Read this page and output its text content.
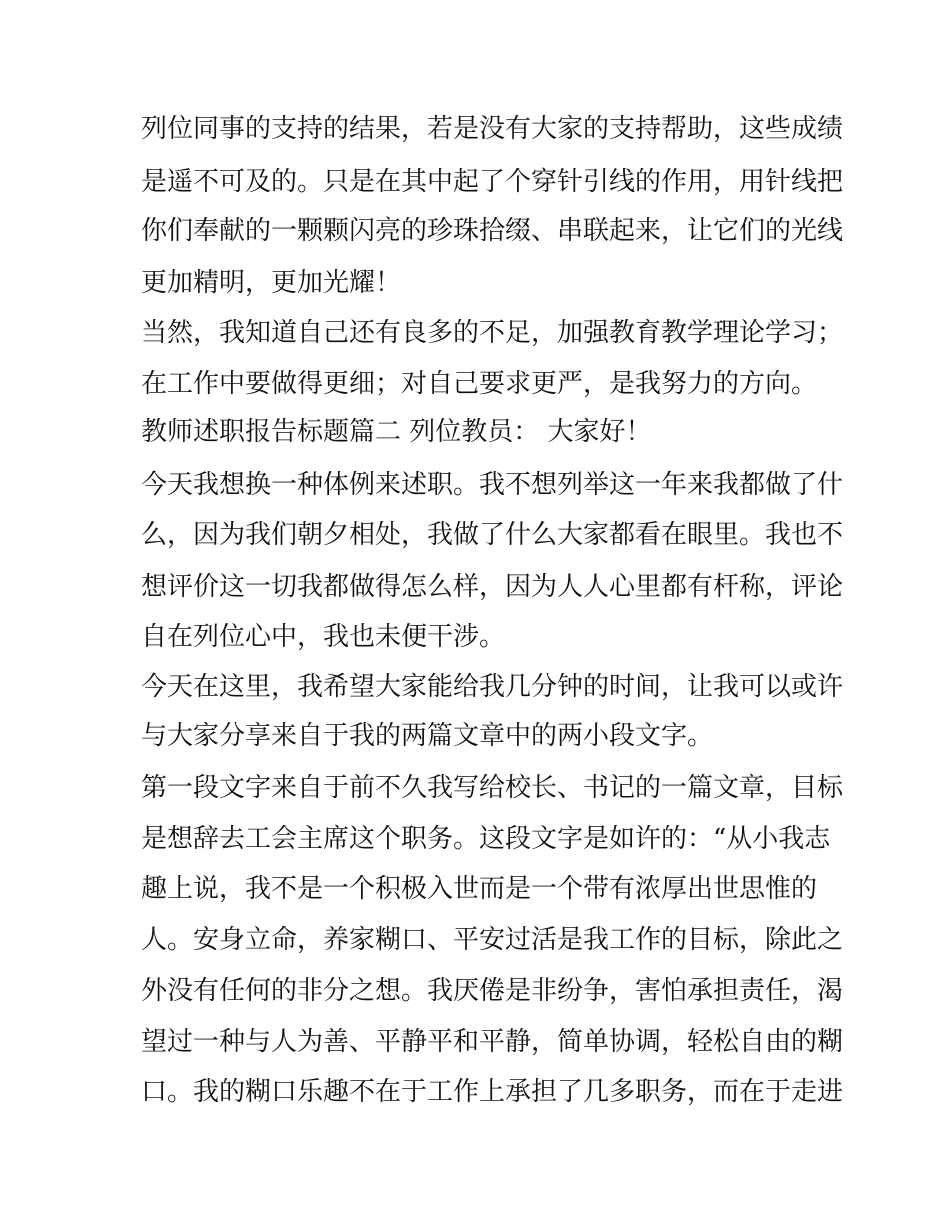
列位同事的支持的结果，若是没有大家的支持帮助，这些成绩
是遥不可及的。只是在其中起了个穿针引线的作用，用针线把
你们奉献的一颗颗闪亮的珍珠拾缀、串联起来，让它们的光线
更加精明，更加光耀！
当然，我知道自己还有良多的不足，加强教育教学理论学习；
在工作中要做得更细；对自己要求更严，是我努力的方向。
教师述职报告标题篇二 列位教员： 大家好！
今天我想换一种体例来述职。我不想列举这一年来我都做了什
么，因为我们朝夕相处，我做了什么大家都看在眼里。我也不
想评价这一切我都做得怎么样，因为人人心里都有杆称，评论
自在列位心中，我也未便干涉。
今天在这里，我希望大家能给我几分钟的时间，让我可以或许
与大家分享来自于我的两篇文章中的两小段文字。
第一段文字来自于前不久我写给校长、书记的一篇文章，目标
是想辞去工会主席这个职务。这段文字是如许的：“从小我志
趣上说，我不是一个积极入世而是一个带有浓厚出世思惟的
人。安身立命，养家糊口、平安过活是我工作的目标，除此之
外没有任何的非分之想。我厌倦是非纷争，害怕承担责任，渴
望过一种与人为善、平静平和平静，简单协调，轻松自由的糊
口。我的糊口乐趣不在于工作上承担了几多职务，而在于走进
